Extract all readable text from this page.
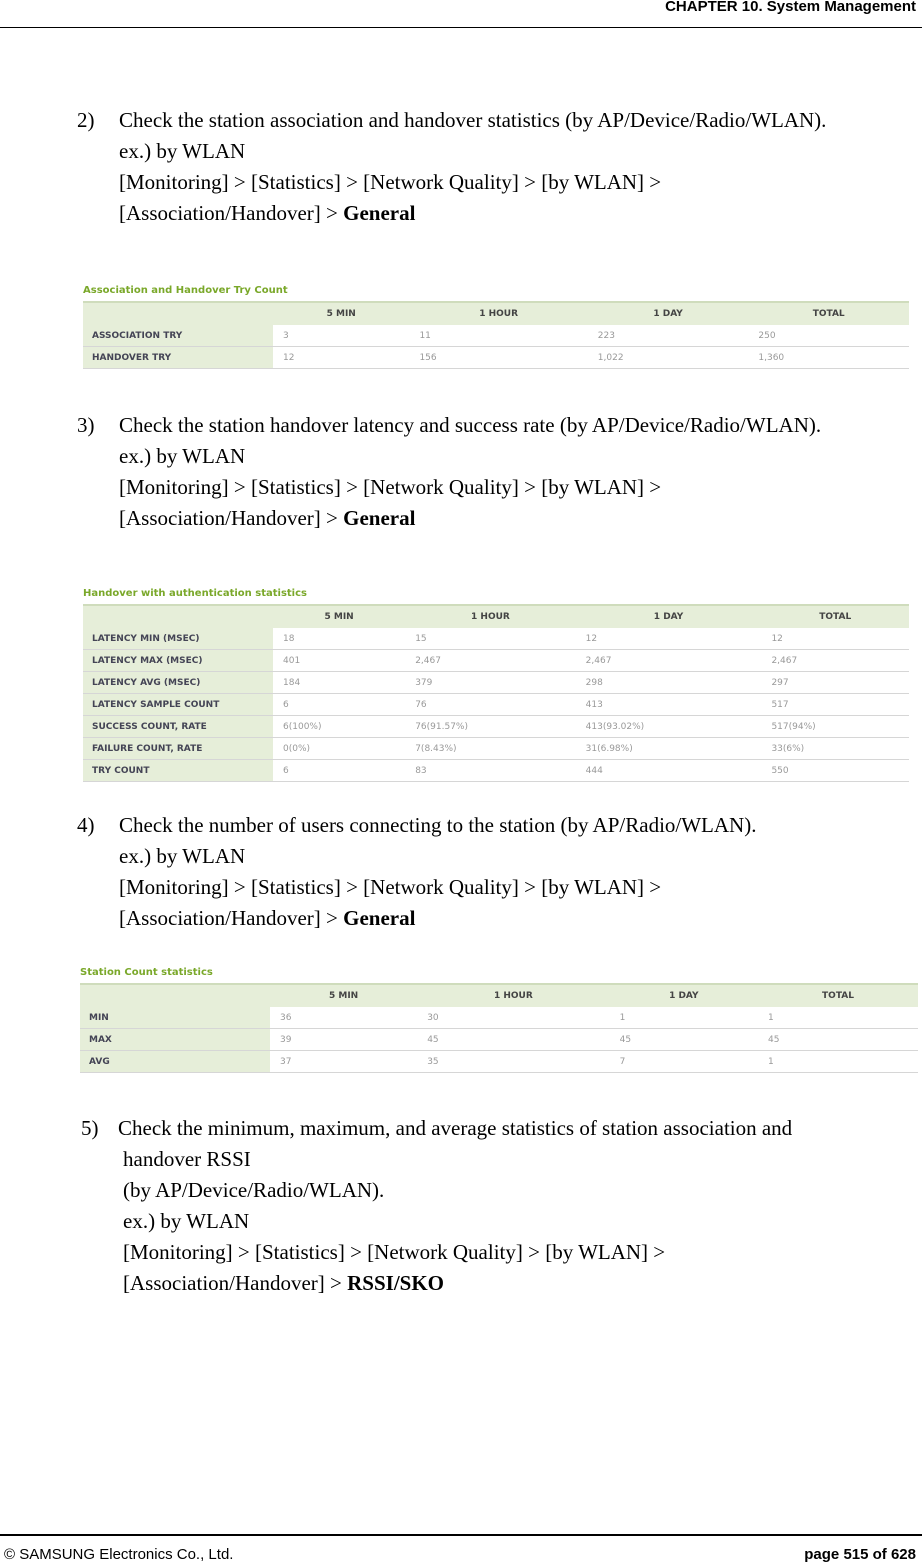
CHAPTER 10. System Management
2) Check the station association and handover statistics (by AP/Device/Radio/WLAN).
ex.) by WLAN
[Monitoring] > [Statistics] > [Network Quality] > [by WLAN] >
[Association/Handover] > General
Association and Handover Try Count
	5 MIN	1 HOUR	1 DAY	TOTAL
ASSOCIATION TRY	3	11	223	250
HANDOVER TRY	12	156	1,022	1,360
3) Check the station handover latency and success rate (by AP/Device/Radio/WLAN).
ex.) by WLAN
[Monitoring] > [Statistics] > [Network Quality] > [by WLAN] >
[Association/Handover] > General
Handover with authentication statistics
	5 MIN	1 HOUR	1 DAY	TOTAL
LATENCY MIN (MSEC)	18	15	12	12
LATENCY MAX (MSEC)	401	2,467	2,467	2,467
LATENCY AVG (MSEC)	184	379	298	297
LATENCY SAMPLE COUNT	6	76	413	517
SUCCESS COUNT, RATE	6(100%)	76(91.57%)	413(93.02%)	517(94%)
FAILURE COUNT, RATE	0(0%)	7(8.43%)	31(6.98%)	33(6%)
TRY COUNT	6	83	444	550
4) Check the number of users connecting to the station (by AP/Radio/WLAN).
ex.) by WLAN
[Monitoring] > [Statistics] > [Network Quality] > [by WLAN] >
[Association/Handover] > General
Station Count statistics
	5 MIN	1 HOUR	1 DAY	TOTAL
MIN	36	30	1	1
MAX	39	45	45	45
AVG	37	35	7	1
5) Check the minimum, maximum, and average statistics of station association and
handover RSSI
(by AP/Device/Radio/WLAN).
ex.) by WLAN
[Monitoring] > [Statistics] > [Network Quality] > [by WLAN] >
[Association/Handover] > RSSI/SKO
© SAMSUNG Electronics Co., Ltd.	page 515 of 628
